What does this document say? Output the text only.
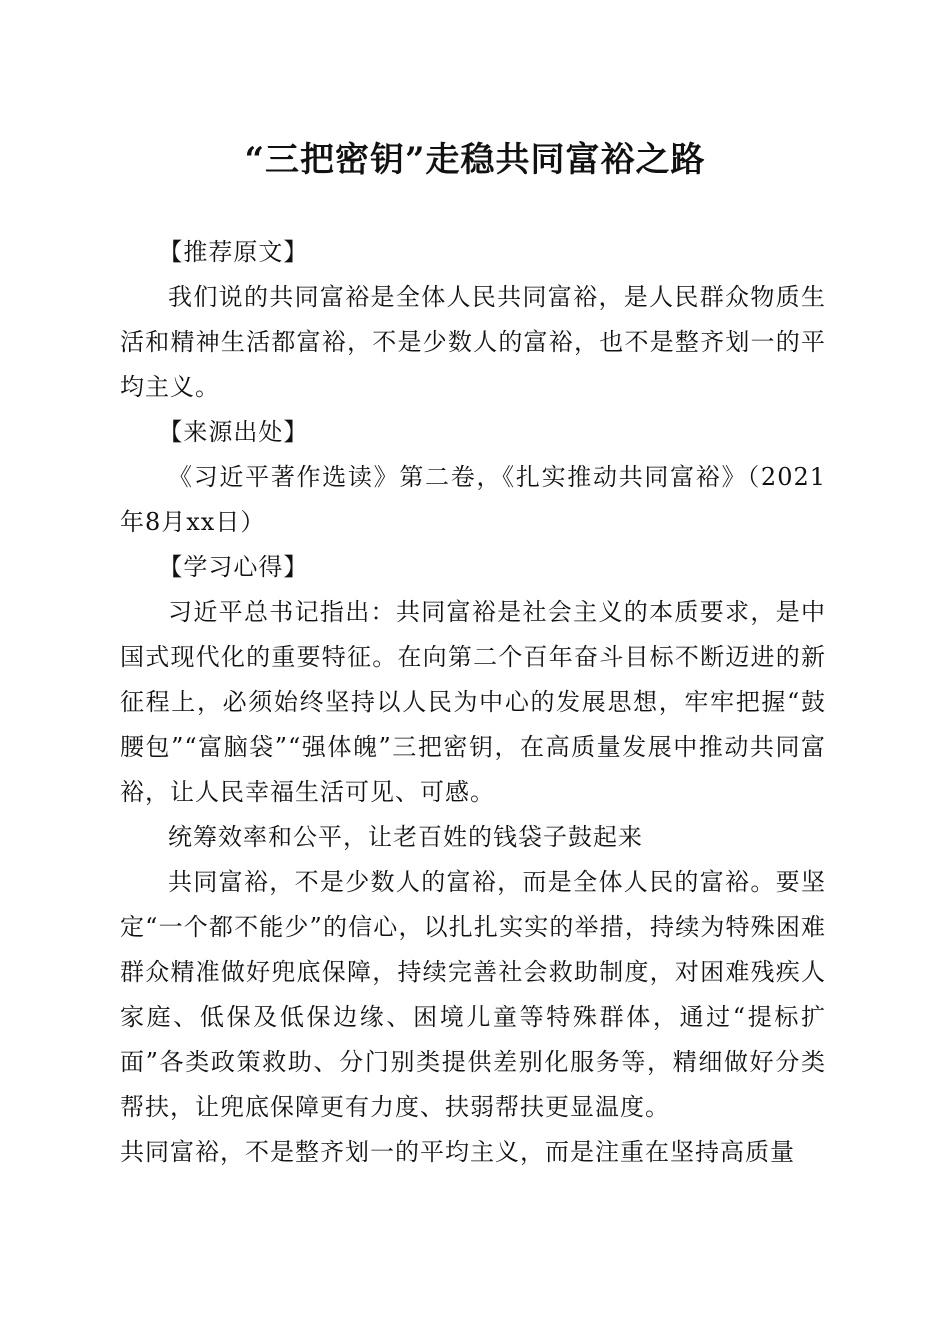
“三把密钥”走稳共同富裕之路

【推荐原文】

我们说的共同富裕是全体人民共同富裕，是人民群众物质生活和精神生活都富裕，不是少数人的富裕，也不是整齐划一的平均主义。

【来源出处】

《习近平著作选读》第二卷，《扎实推动共同富裕》（2021年8月xx日）

【学习心得】

习近平总书记指出：共同富裕是社会主义的本质要求，是中国式现代化的重要特征。在向第二个百年奋斗目标不断迈进的新征程上，必须始终坚持以人民为中心的发展思想，牢牢把握“鼓腰包”“富脑袋”“强体魄”三把密钥，在高质量发展中推动共同富裕，让人民幸福生活可见、可感。

统筹效率和公平，让老百姓的钱袋子鼓起来

共同富裕，不是少数人的富裕，而是全体人民的富裕。要坚定“一个都不能少”的信心，以扎扎实实的举措，持续为特殊困难群众精准做好兜底保障，持续完善社会救助制度，对困难残疾人家庭、低保及低保边缘、困境儿童等特殊群体，通过“提标扩面”各类政策救助、分门别类提供差别化服务等，精细做好分类帮扶，让兜底保障更有力度、扶弱帮扶更显温度。

共同富裕，不是整齐划一的平均主义，而是注重在坚持高质量
